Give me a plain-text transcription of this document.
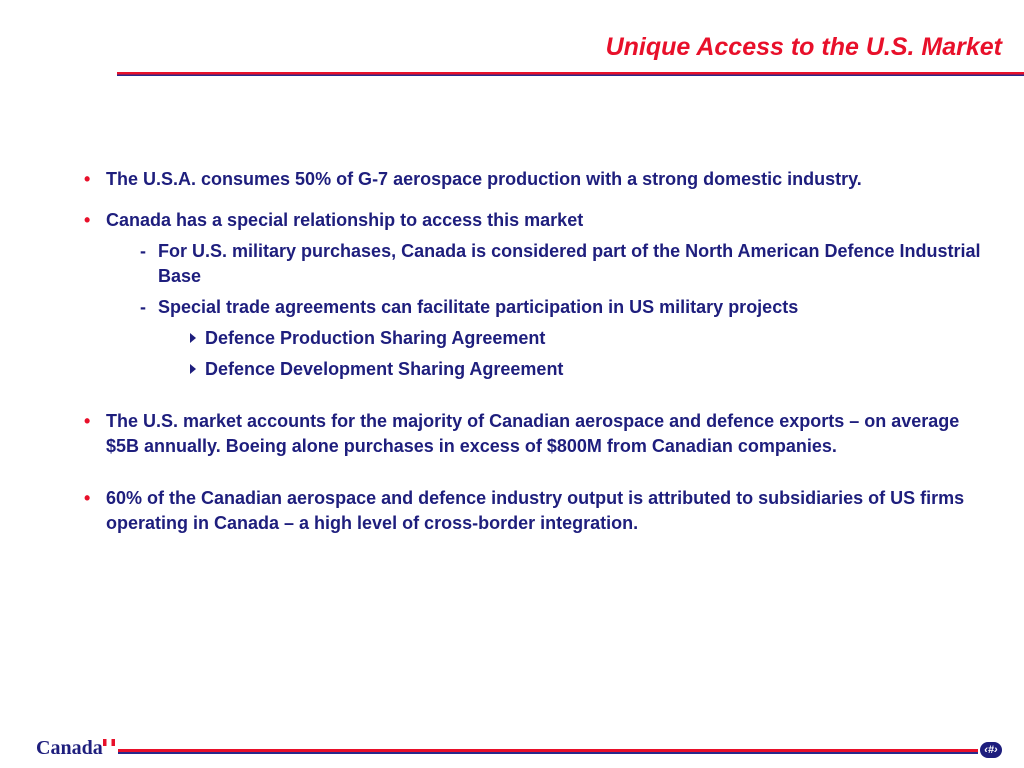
Unique Access to the U.S. Market
• The U.S.A. consumes 50% of G-7 aerospace production with a strong domestic industry.
• Canada has a special relationship to access this market
- For U.S. military purchases, Canada is considered part of the North American Defence Industrial Base
- Special trade agreements can facilitate participation in US military projects
Defence Production Sharing Agreement
Defence Development Sharing Agreement
• The U.S. market accounts for the majority of Canadian aerospace and defence exports – on average $5B annually. Boeing alone purchases in excess of $800M from Canadian companies.
• 60% of the Canadian aerospace and defence industry output is attributed to subsidiaries of US firms operating in Canada – a high level of cross-border integration.
Canada	‹#›
